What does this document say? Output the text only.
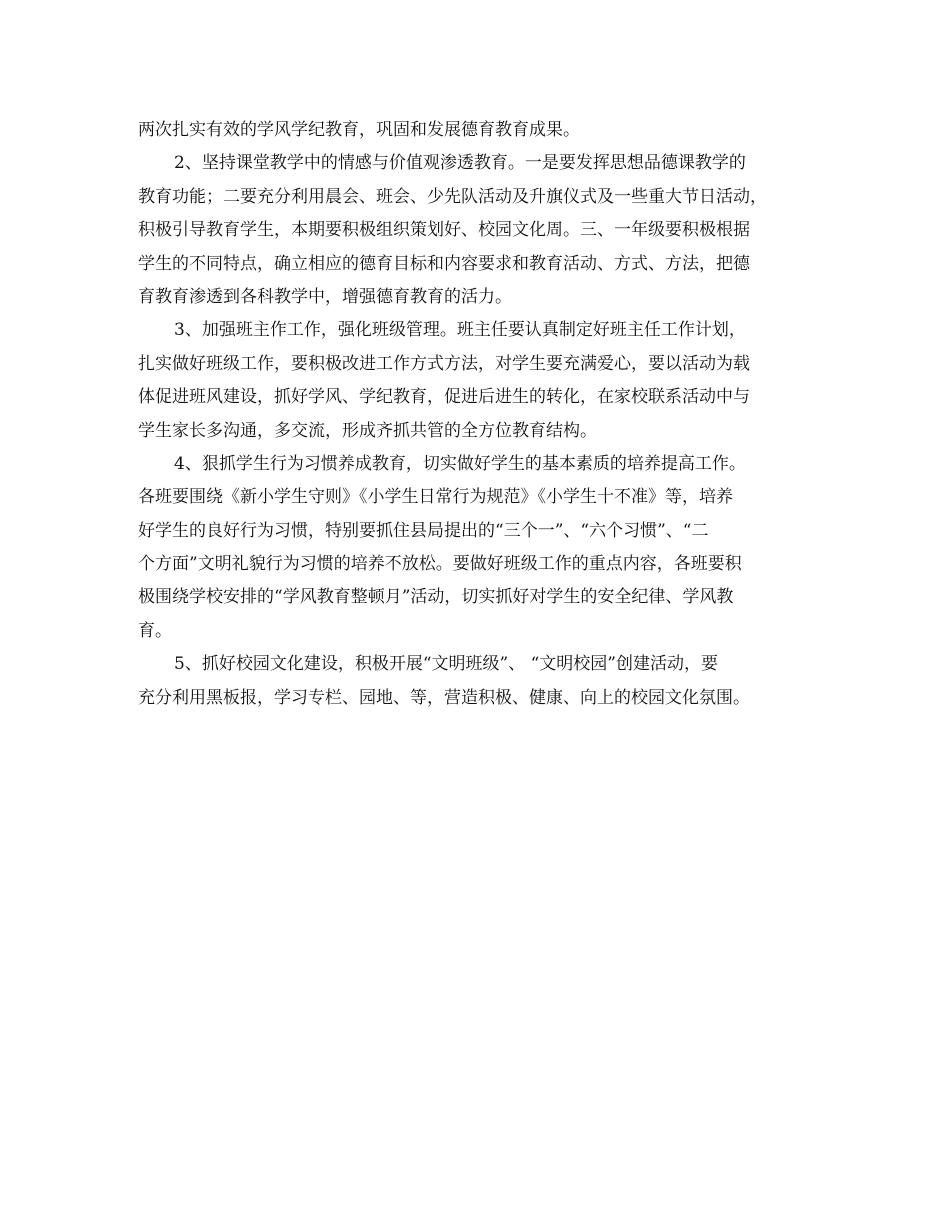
两次扎实有效的学风学纪教育，巩固和发展德育教育成果。
2、坚持课堂教学中的情感与价值观渗透教育。一是要发挥思想品德课教学的
教育功能；二要充分利用晨会、班会、少先队活动及升旗仪式及一些重大节日活动，
积极引导教育学生，本期要积极组织策划好、校园文化周。三、一年级要积极根据
学生的不同特点，确立相应的德育目标和内容要求和教育活动、方式、方法，把德
育教育渗透到各科教学中，增强德育教育的活力。
3、加强班主作工作，强化班级管理。班主任要认真制定好班主任工作计划，
扎实做好班级工作，要积极改进工作方式方法，对学生要充满爱心，要以活动为载
体促进班风建设，抓好学风、学纪教育，促进后进生的转化，在家校联系活动中与
学生家长多沟通，多交流，形成齐抓共管的全方位教育结构。
4、狠抓学生行为习惯养成教育，切实做好学生的基本素质的培养提高工作。
各班要围绕《新小学生守则》《小学生日常行为规范》《小学生十不准》等，培养
好学生的良好行为习惯，特别要抓住县局提出的“三个一”、“六个习惯”、“二
个方面”文明礼貌行为习惯的培养不放松。要做好班级工作的重点内容，各班要积
极围绕学校安排的“学风教育整顿月”活动，切实抓好对学生的安全纪律、学风教
育。
5、抓好校园文化建设，积极开展“文明班级”、 “文明校园”创建活动，要
充分利用黑板报，学习专栏、园地、等，营造积极、健康、向上的校园文化氛围。
